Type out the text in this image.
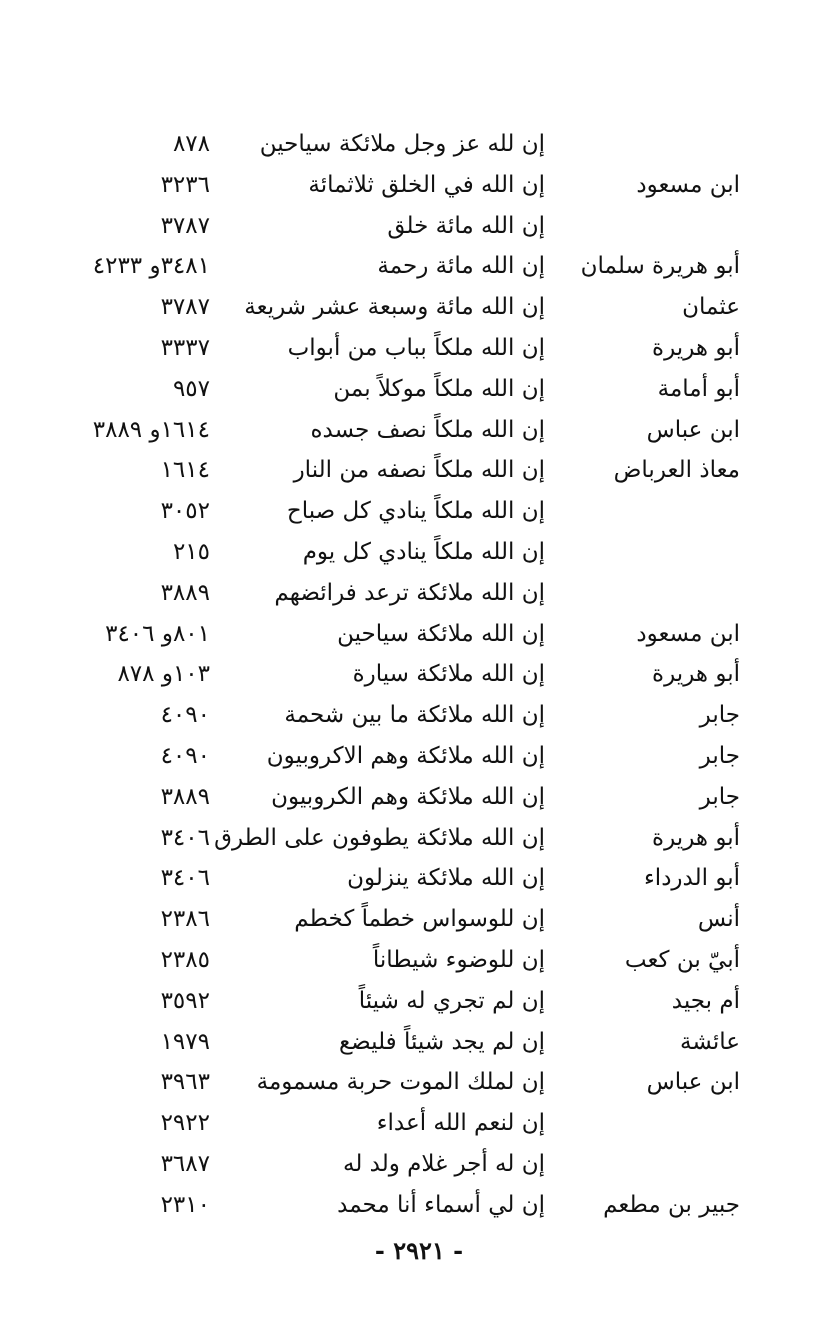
إن لله عز وجل ملائكة سياحين
٨٧٨
ابن مسعود
إن الله في الخلق ثلاثمائة
٣٢٣٦
إن الله مائة خلق
٣٧٨٧
أبو هريرة سلمان
إن الله مائة رحمة
٣٤٨١و ٤٢٣٣
عثمان
إن الله مائة وسبعة عشر شريعة
٣٧٨٧
أبو هريرة
إن الله ملكاً بباب من أبواب
٣٣٣٧
أبو أمامة
إن الله ملكاً موكلاً بمن
٩٥٧
ابن عباس
إن الله ملكاً نصف جسده
١٦١٤و ٣٨٨٩
معاذ العرباض
إن الله ملكاً نصفه من النار
١٦١٤
إن الله ملكاً ينادي كل صباح
٣٠٥٢
إن الله ملكاً ينادي كل يوم
٢١٥
إن الله ملائكة ترعد فرائضهم
٣٨٨٩
ابن مسعود
إن الله ملائكة سياحين
٨٠١و ٣٤٠٦
أبو هريرة
إن الله ملائكة سيارة
١٠٣و ٨٧٨
جابر
إن الله ملائكة ما بين شحمة
٤٠٩٠
جابر
إن الله ملائكة وهم الاكروبيون
٤٠٩٠
جابر
إن الله ملائكة وهم الكروبيون
٣٨٨٩
أبو هريرة
إن الله ملائكة يطوفون على الطرق
٣٤٠٦
أبو الدرداء
إن الله ملائكة ينزلون
٣٤٠٦
أنس
إن للوسواس خطماً كخطم
٢٣٨٦
أبيّ بن كعب
إن للوضوء شيطاناً
٢٣٨٥
أم بجيد
إن لم تجري له شيئاً
٣٥٩٢
عائشة
إن لم يجد شيئاً فليضع
١٩٧٩
ابن عباس
إن لملك الموت حربة مسمومة
٣٩٦٣
إن لنعم الله أعداء
٢٩٢٢
إن له أجر غلام ولد له
٣٦٨٧
جبير بن مطعم
إن لي أسماء أنا محمد
٢٣١٠
- ٢٩٢١ -
